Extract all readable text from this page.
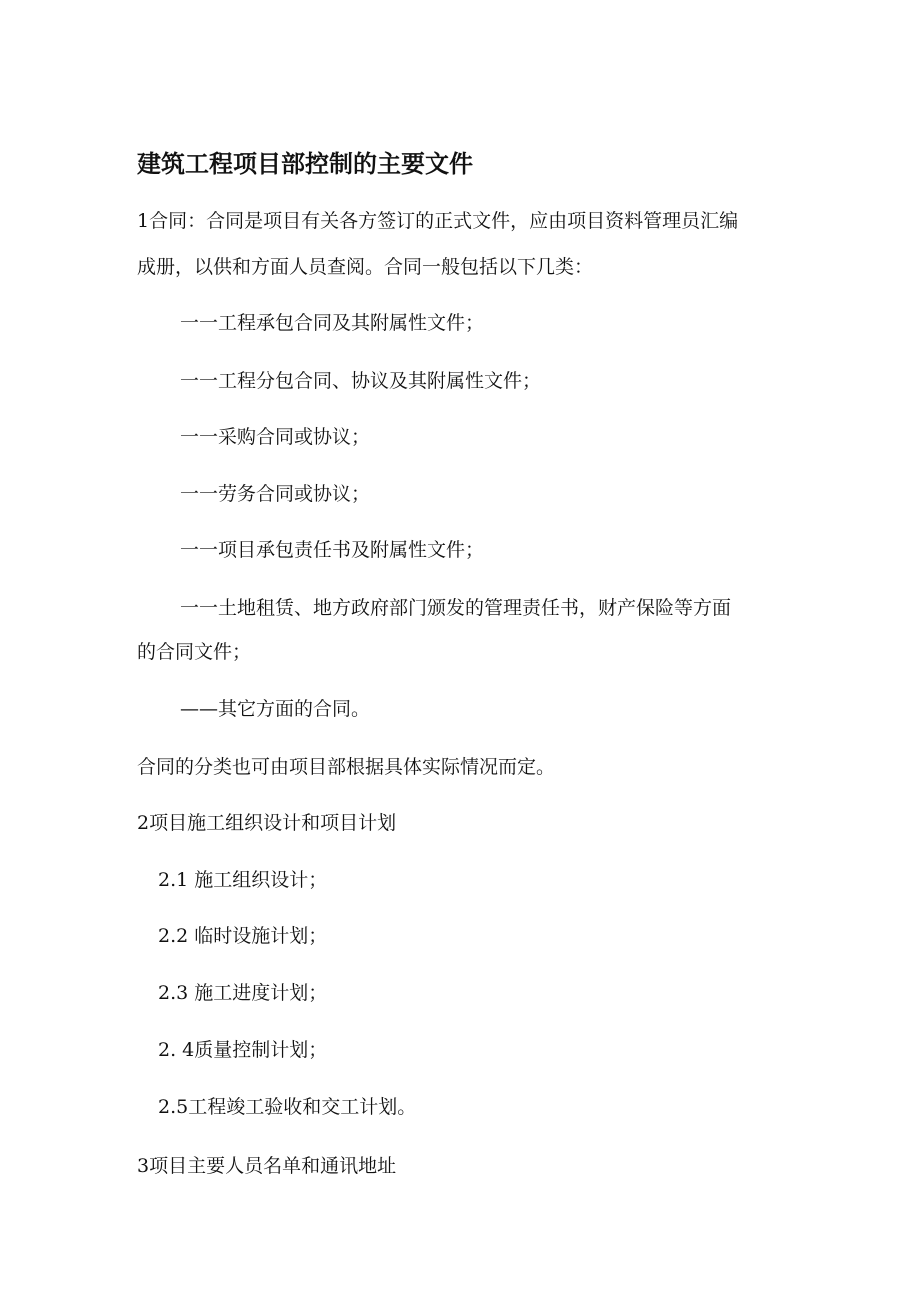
建筑工程项目部控制的主要文件

1合同：合同是项目有关各方签订的正式文件，应由项目资料管理员汇编

成册，以供和方面人员查阅。合同一般包括以下几类：

一一工程承包合同及其附属性文件；

一一工程分包合同、协议及其附属性文件；

一一采购合同或协议；

一一劳务合同或协议；

一一项目承包责任书及附属性文件；

一一土地租赁、地方政府部门颁发的管理责任书，财产保险等方面

的合同文件；

——其它方面的合同。

合同的分类也可由项目部根据具体实际情况而定。

2项目施工组织设计和项目计划

2.1 施工组织设计；

2.2 临时设施计划；

2.3 施工进度计划；

2. 4质量控制计划；

2.5工程竣工验收和交工计划。

3项目主要人员名单和通讯地址
